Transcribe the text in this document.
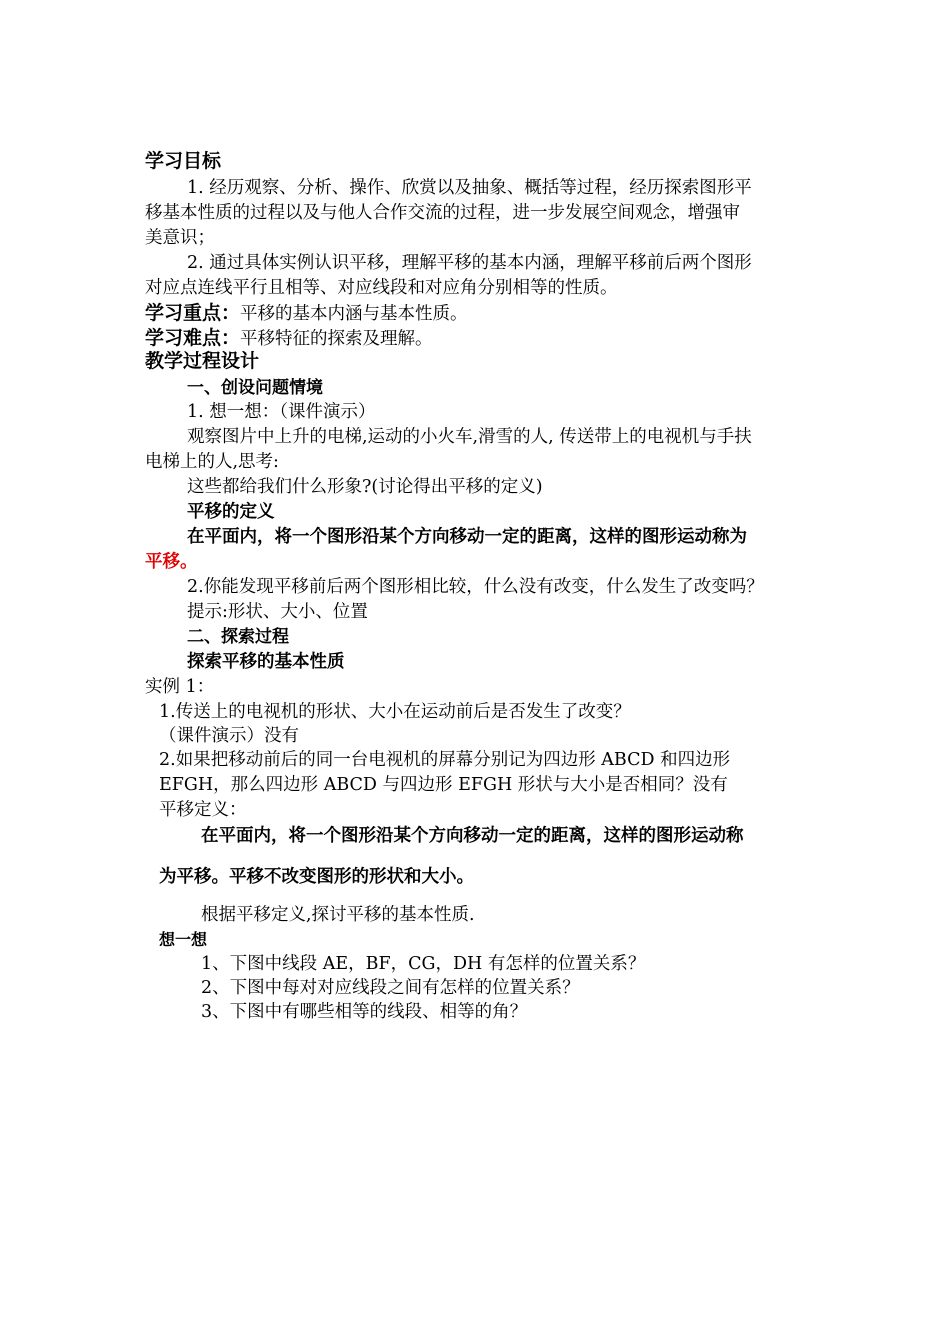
学习目标
1. 经历观察、分析、操作、欣赏以及抽象、概括等过程，经历探索图形平
移基本性质的过程以及与他人合作交流的过程，进一步发展空间观念，增强审
美意识；
2. 通过具体实例认识平移，理解平移的基本内涵，理解平移前后两个图形
对应点连线平行且相等、对应线段和对应角分别相等的性质。
学习重点：平移的基本内涵与基本性质。
学习难点：平移特征的探索及理解。
教学过程设计
一、创设问题情境
1. 想一想：（课件演示）
观察图片中上升的电梯,运动的小火车,滑雪的人, 传送带上的电视机与手扶
电梯上的人,思考:
这些都给我们什么形象?(讨论得出平移的定义)
平移的定义
在平面内，将一个图形沿某个方向移动一定的距离，这样的图形运动称为
平移。
2.你能发现平移前后两个图形相比较，什么没有改变，什么发生了改变吗？
提示:形状、大小、位置
二、探索过程
探索平移的基本性质
实例 1：
1.传送上的电视机的形状、大小在运动前后是否发生了改变？
（课件演示）没有
2.如果把移动前后的同一台电视机的屏幕分别记为四边形 ABCD 和四边形
EFGH，那么四边形 ABCD 与四边形 EFGH 形状与大小是否相同？没有
平移定义：
在平面内，将一个图形沿某个方向移动一定的距离，这样的图形运动称
为平移。平移不改变图形的形状和大小。
根据平移定义,探讨平移的基本性质.
想一想
1、下图中线段 AE，BF，CG，DH 有怎样的位置关系？
2、下图中每对对应线段之间有怎样的位置关系？
3、下图中有哪些相等的线段、相等的角？
